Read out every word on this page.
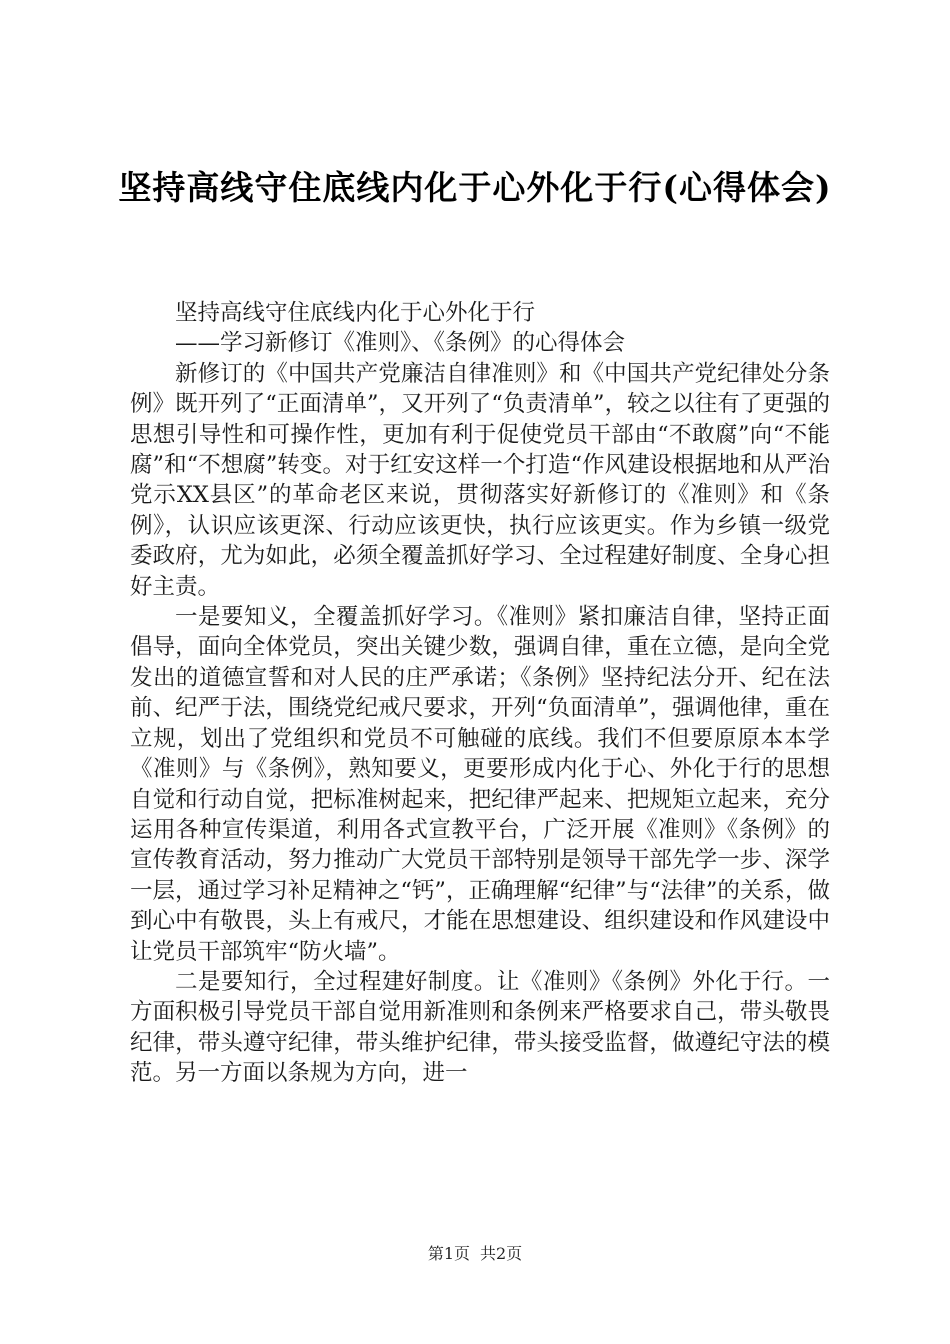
坚持高线守住底线内化于心外化于行(心得体会)

坚持高线守住底线内化于心外化于行

——学习新修订《准则》、《条例》的心得体会

新修订的《中国共产党廉洁自律准则》和《中国共产党纪律处分条例》既开列了“正面清单”，又开列了“负责清单”，较之以往有了更强的思想引导性和可操作性，更加有利于促使党员干部由“不敢腐”向“不能腐”和“不想腐”转变。对于红安这样一个打造“作风建设根据地和从严治党示XX县区”的革命老区来说，贯彻落实好新修订的《准则》和《条例》，认识应该更深、行动应该更快，执行应该更实。作为乡镇一级党委政府，尤为如此，必须全覆盖抓好学习、全过程建好制度、全身心担好主责。

一是要知义，全覆盖抓好学习。《准则》紧扣廉洁自律，坚持正面倡导，面向全体党员，突出关键少数，强调自律，重在立德，是向全党发出的道德宣誓和对人民的庄严承诺；《条例》坚持纪法分开、纪在法前、纪严于法，围绕党纪戒尺要求，开列“负面清单”，强调他律，重在立规，划出了党组织和党员不可触碰的底线。我们不但要原原本本学《准则》与《条例》，熟知要义，更要形成内化于心、外化于行的思想自觉和行动自觉，把标准树起来，把纪律严起来、把规矩立起来，充分运用各种宣传渠道，利用各式宣教平台，广泛开展《准则》《条例》的宣传教育活动，努力推动广大党员干部特别是领导干部先学一步、深学一层，通过学习补足精神之“钙”，正确理解“纪律”与“法律”的关系，做到心中有敬畏，头上有戒尺，才能在思想建设、组织建设和作风建设中让党员干部筑牢“防火墙”。

二是要知行，全过程建好制度。让《准则》《条例》外化于行。一方面积极引导党员干部自觉用新准则和条例来严格要求自己，带头敬畏纪律，带头遵守纪律，带头维护纪律，带头接受监督，做遵纪守法的模范。另一方面以条规为方向，进一

第1页 共2页
